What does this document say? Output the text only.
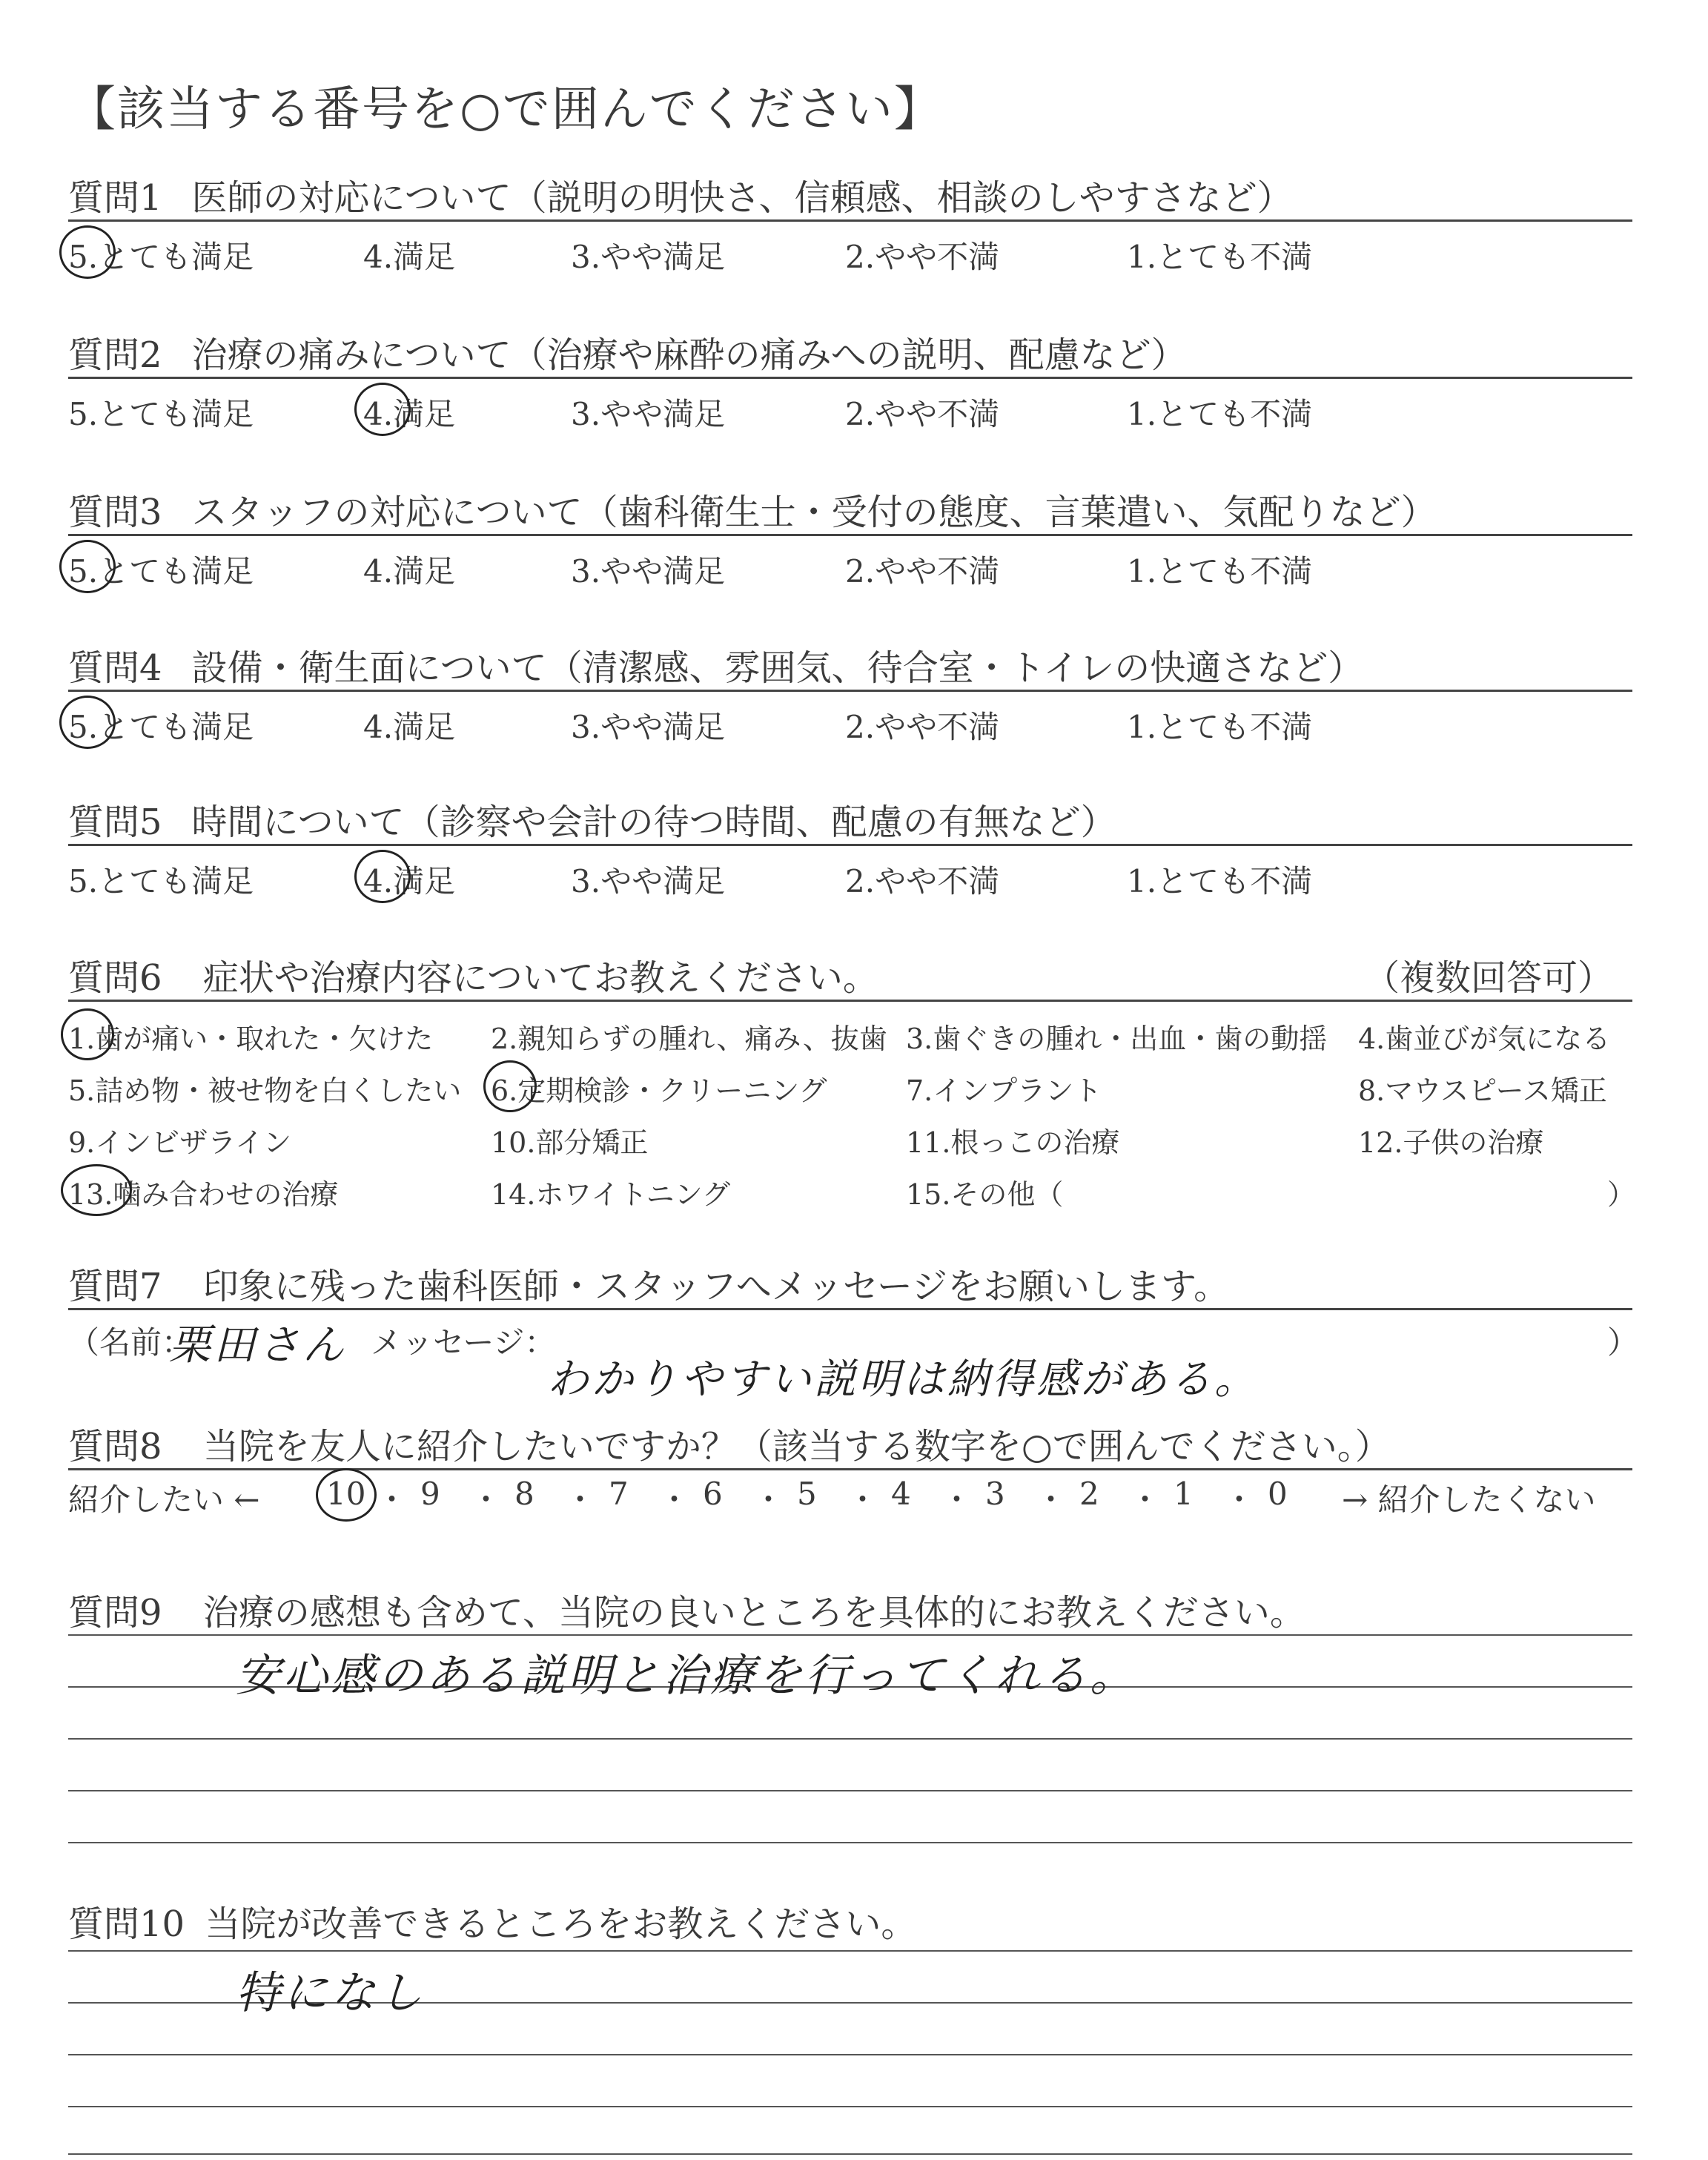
【該当する番号を○で囲んでください】
質問1 医師の対応について（説明の明快さ、信頼感、相談のしやすさなど）
5.とても満足	4.満足	3.やや満足	2.やや不満	1.とても不満
質問2 治療の痛みについて（治療や麻酔の痛みへの説明、配慮など）
5.とても満足	4.満足	3.やや満足	2.やや不満	1.とても不満
質問3 スタッフの対応について（歯科衛生士・受付の態度、言葉遣い、気配りなど）
5.とても満足	4.満足	3.やや満足	2.やや不満	1.とても不満
質問4 設備・衛生面について（清潔感、雰囲気、待合室・トイレの快適さなど）
5.とても満足	4.満足	3.やや満足	2.やや不満	1.とても不満
質問5 時間について（診察や会計の待つ時間、配慮の有無など）
5.とても満足	4.満足	3.やや満足	2.やや不満	1.とても不満
質問6 症状や治療内容についてお教えください。	（複数回答可）
1.歯が痛い・取れた・欠けた 2.親知らずの腫れ、痛み、抜歯 3.歯ぐきの腫れ・出血・歯の動揺 4.歯並びが気になる
5.詰め物・被せ物を白くしたい 6.定期検診・クリーニング	7.インプラント	8.マウスピース矯正
9.インビザライン	10.部分矯正	11.根っこの治療	12.子供の治療
13.噛み合わせの治療	14.ホワイトニング	15.その他（	）
質問7 印象に残った歯科医師・スタッフへメッセージをお願いします。
（名前：
栗田さん メッセージ：	）
わかりやすい説明は納得感がある。
質問8 当院を友人に紹介したいですか？（該当する数字を○で囲んでください。）
紹介したい ←	→ 紹介したくない
10 ・ 9 ・ 8 ・ 7 ・ 6 ・ 5 ・ 4 ・ 3 ・ 2 ・ 1 ・ 0
質問9 治療の感想も含めて、当院の良いところを具体的にお教えください。
安心感のある説明と治療を行ってくれる。
質問10 当院が改善できるところをお教えください。
特になし
